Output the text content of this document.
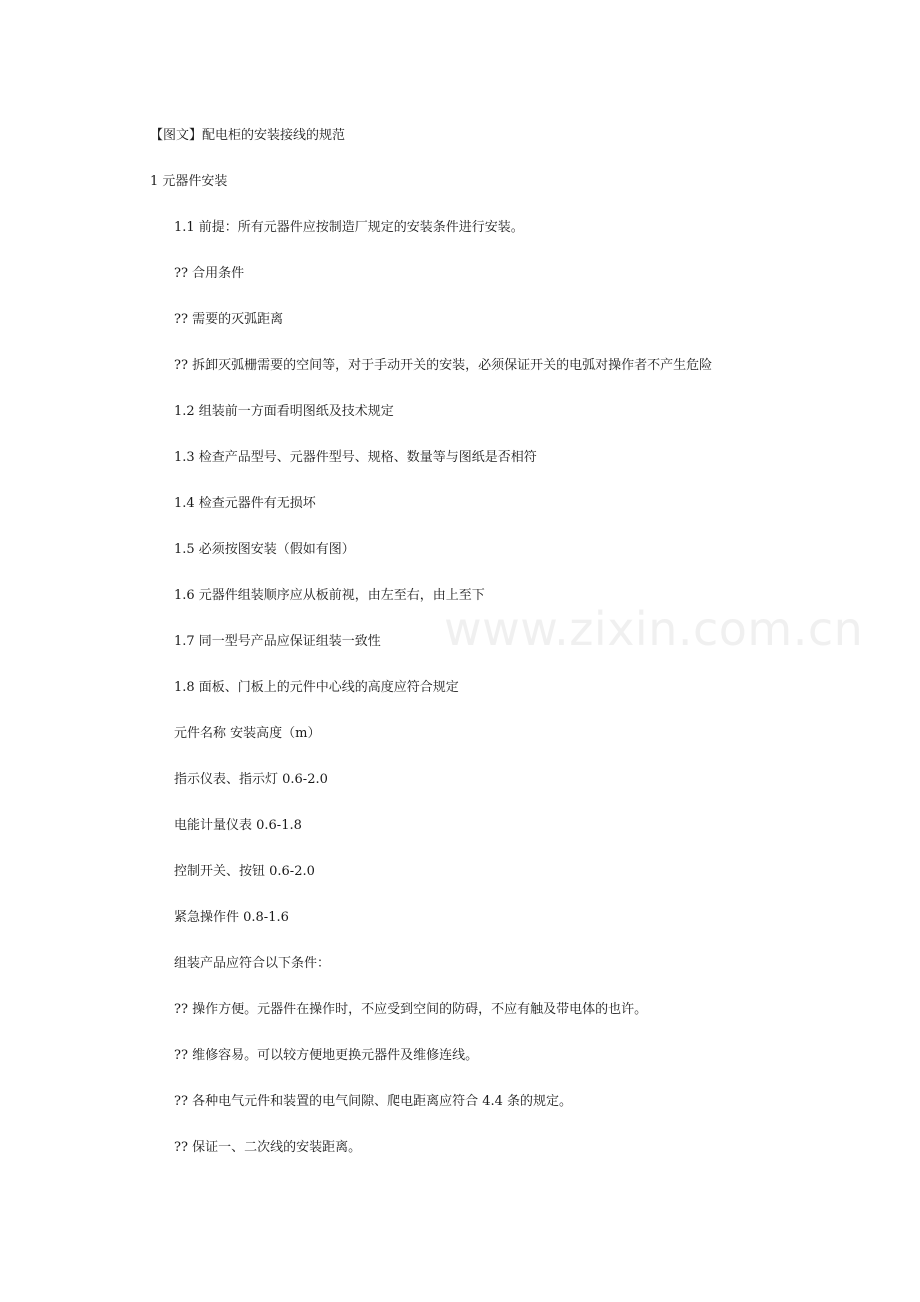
www.zixin.com.cn
【图文】配电柜的安装接线的规范
1 元器件安装
1.1 前提：所有元器件应按制造厂规定的安装条件进行安装。
?? 合用条件
?? 需要的灭弧距离
?? 拆卸灭弧栅需要的空间等，对于手动开关的安装，必须保证开关的电弧对操作者不产生危险
1.2 组装前一方面看明图纸及技术规定
1.3 检查产品型号、元器件型号、规格、数量等与图纸是否相符
1.4 检查元器件有无损坏
1.5 必须按图安装（假如有图）
1.6 元器件组装顺序应从板前视，由左至右，由上至下
1.7 同一型号产品应保证组装一致性
1.8 面板、门板上的元件中心线的高度应符合规定
元件名称 安装高度（m）
指示仪表、指示灯 0.6-2.0
电能计量仪表 0.6-1.8
控制开关、按钮 0.6-2.0
紧急操作件 0.8-1.6
组装产品应符合以下条件：
?? 操作方便。元器件在操作时，不应受到空间的防碍，不应有触及带电体的也许。
?? 维修容易。可以较方便地更换元器件及维修连线。
?? 各种电气元件和装置的电气间隙、爬电距离应符合 4.4 条的规定。
?? 保证一、二次线的安装距离。
